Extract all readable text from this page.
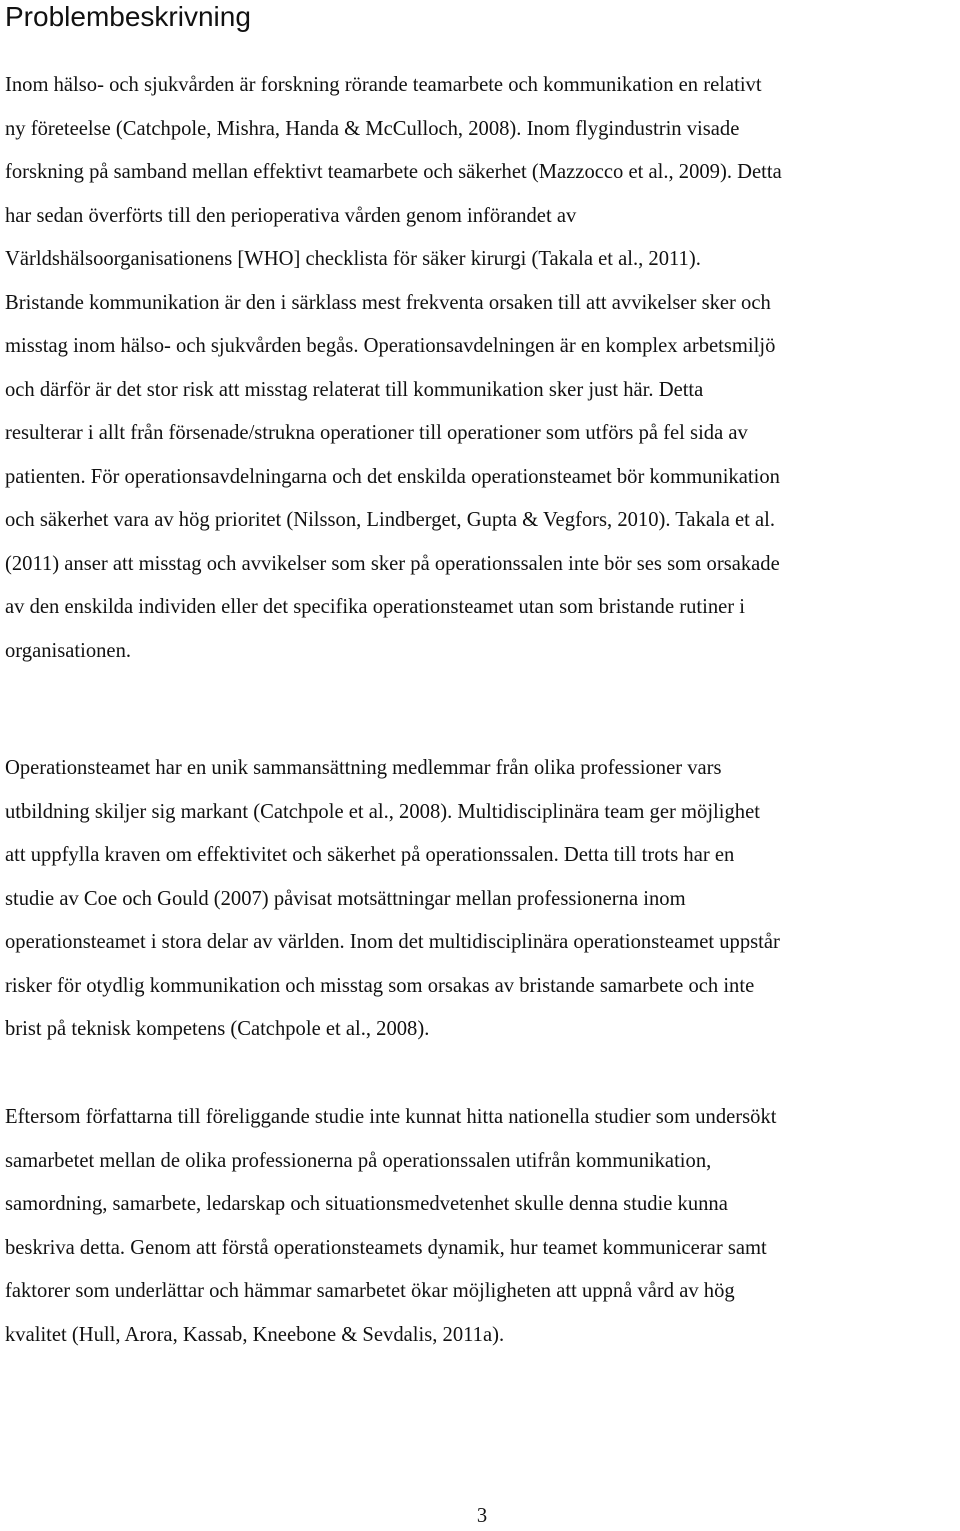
Problembeskrivning

Inom hälso- och sjukvården är forskning rörande teamarbete och kommunikation en relativt
ny företeelse (Catchpole, Mishra, Handa & McCulloch, 2008). Inom flygindustrin visade
forskning på samband mellan effektivt teamarbete och säkerhet (Mazzocco et al., 2009). Detta
har sedan överförts till den perioperativa vården genom införandet av
Världshälsoorganisationens [WHO] checklista för säker kirurgi (Takala et al., 2011).
Bristande kommunikation är den i särklass mest frekventa orsaken till att avvikelser sker och
misstag inom hälso- och sjukvården begås. Operationsavdelningen är en komplex arbetsmiljö
och därför är det stor risk att misstag relaterat till kommunikation sker just här. Detta
resulterar i allt från försenade/strukna operationer till operationer som utförs på fel sida av
patienten. För operationsavdelningarna och det enskilda operationsteamet bör kommunikation
och säkerhet vara av hög prioritet (Nilsson, Lindberget, Gupta & Vegfors, 2010). Takala et al.
(2011) anser att misstag och avvikelser som sker på operationssalen inte bör ses som orsakade
av den enskilda individen eller det specifika operationsteamet utan som bristande rutiner i
organisationen.

Operationsteamet har en unik sammansättning medlemmar från olika professioner vars
utbildning skiljer sig markant (Catchpole et al., 2008). Multidisciplinära team ger möjlighet
att uppfylla kraven om effektivitet och säkerhet på operationssalen. Detta till trots har en
studie av Coe och Gould (2007) påvisat motsättningar mellan professionerna inom
operationsteamet i stora delar av världen. Inom det multidisciplinära operationsteamet uppstår
risker för otydlig kommunikation och misstag som orsakas av bristande samarbete och inte
brist på teknisk kompetens (Catchpole et al., 2008).

Eftersom författarna till föreliggande studie inte kunnat hitta nationella studier som undersökt
samarbetet mellan de olika professionerna på operationssalen utifrån kommunikation,
samordning, samarbete, ledarskap och situationsmedvetenhet skulle denna studie kunna
beskriva detta. Genom att förstå operationsteamets dynamik, hur teamet kommunicerar samt
faktorer som underlättar och hämmar samarbetet ökar möjligheten att uppnå vård av hög
kvalitet (Hull, Arora, Kassab, Kneebone & Sevdalis, 2011a).

3
